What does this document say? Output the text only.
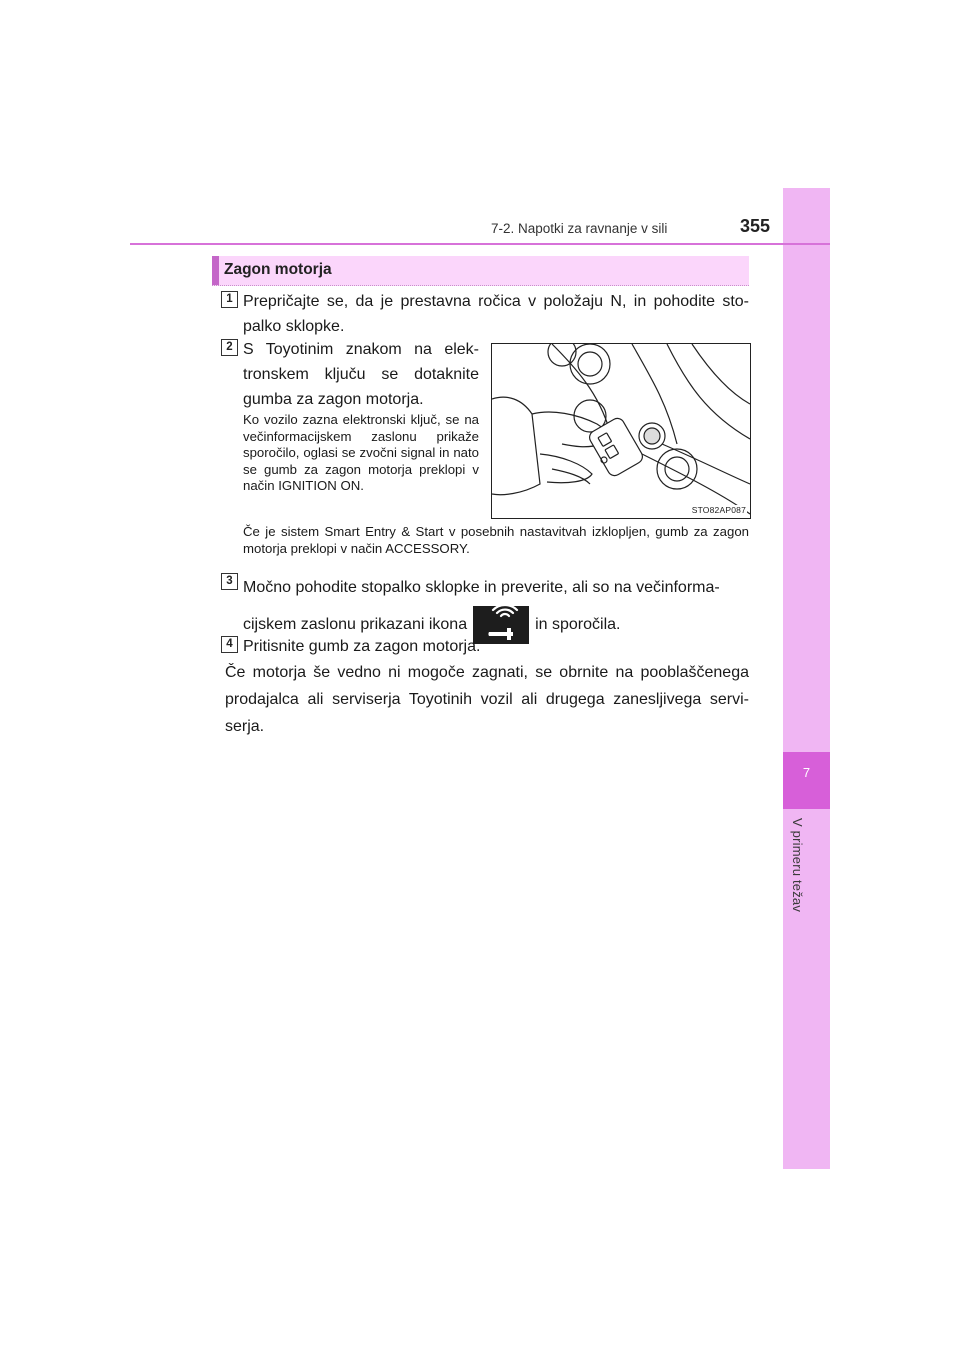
7
V primeru težav
7-2. Napotki za ravnanje v sili	355
Zagon motorja
1 Prepričajte se, da je prestavna ročica v položaju N, in pohodite sto-palko sklopke.

2 S Toyotinim znakom na elek-tronskem ključu se dotaknite gumba za zagon motorja.

Ko vozilo zazna elektronski ključ, se na večinformacijskem zaslonu prikaže sporočilo, oglasi se zvočni signal in nato se gumb za zagon motorja preklopi v način IGNITION ON.

Če je sistem Smart Entry & Start v posebnih nastavitvah izklopljen, gumb za zagon motorja preklopi v način ACCESSORY.

STO82AP087
3 Močno pohodite stopalko sklopke in preverite, ali so na večinforma-cijskem zaslonu prikazani ikona	in sporočila.

4 Pritisnite gumb za zagon motorja.

Če motorja še vedno ni mogoče zagnati, se obrnite na pooblaščenega prodajalca ali serviserja Toyotinih vozil ali drugega zanesljivega servi-serja.
